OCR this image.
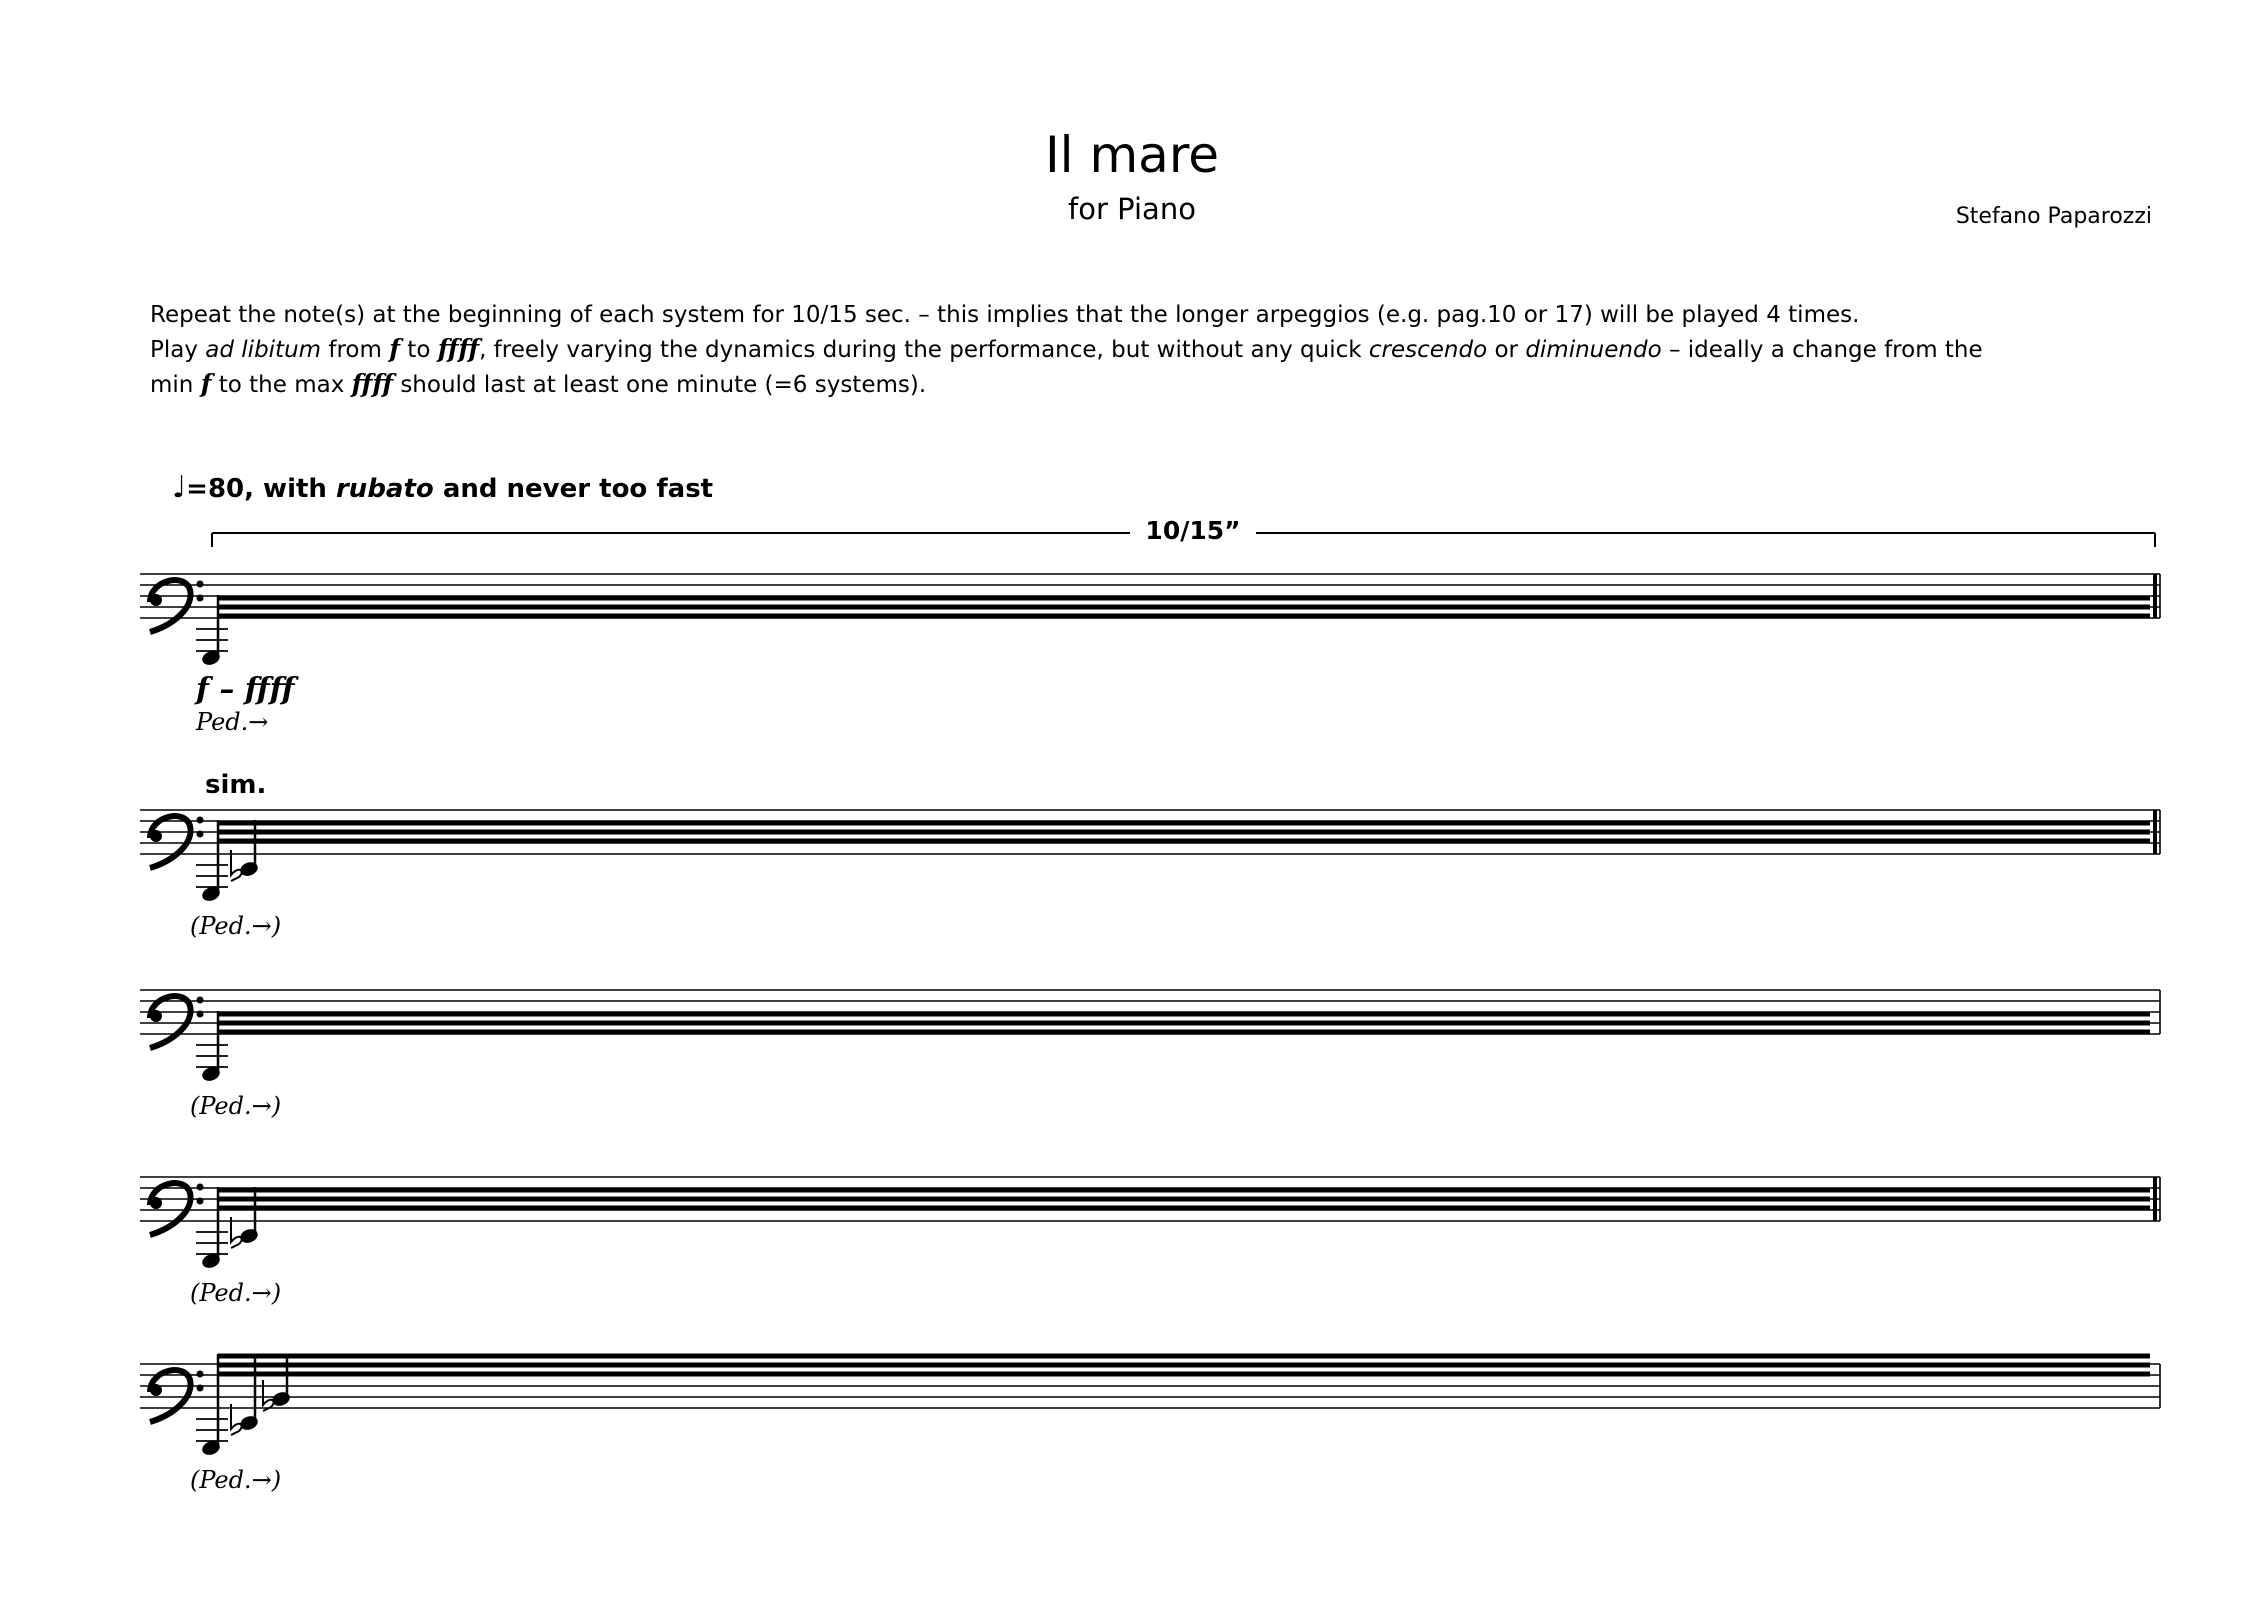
Il mare
for Piano	Stefano Paparozzi

Repeat the note(s) at the beginning of each system for 10/15 sec. – this implies that the longer arpeggios (e.g. pag.10 or 17) will be played 4 times.

Play ad libitum from f to ffff, freely varying the dynamics during the performance, but without any quick crescendo or diminuendo – ideally a change from the

min f to the max ffff should last at least one minute (=6 systems).

♩=80, with rubato and never too fast
10/15”
f – ffff
Ped.→
sim.
(Ped.→)
(Ped.→)
(Ped.→)
(Ped.→)
